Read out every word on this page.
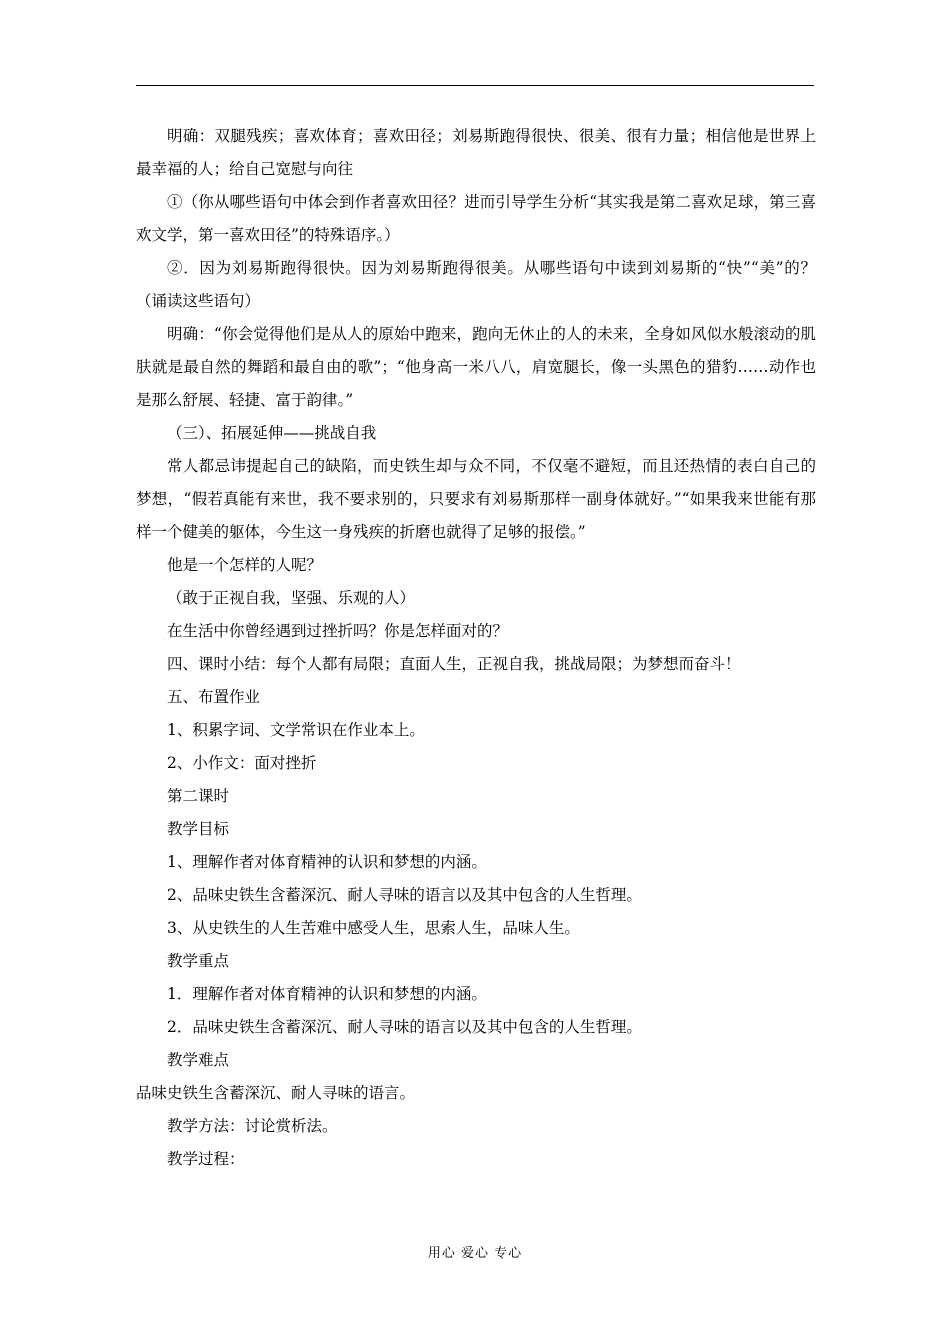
明确：双腿残疾；喜欢体育；喜欢田径；刘易斯跑得很快、很美、很有力量；相信他是世界上最幸福的人；给自己宽慰与向往

①（你从哪些语句中体会到作者喜欢田径？进而引导学生分析“其实我是第二喜欢足球，第三喜欢文学，第一喜欢田径”的特殊语序。）

②．因为刘易斯跑得很快。因为刘易斯跑得很美。从哪些语句中读到刘易斯的“快”“美”的？（诵读这些语句）

明确：“你会觉得他们是从人的原始中跑来，跑向无休止的人的未来，全身如风似水般滚动的肌肤就是最自然的舞蹈和最自由的歌”；“他身高一米八八，肩宽腿长，像一头黑色的猎豹……动作也是那么舒展、轻捷、富于韵律。”

（三）、拓展延伸——挑战自我

常人都忌讳提起自己的缺陷，而史铁生却与众不同，不仅毫不避短，而且还热情的表白自己的梦想，“假若真能有来世，我不要求别的，只要求有刘易斯那样一副身体就好。”“如果我来世能有那样一个健美的躯体，今生这一身残疾的折磨也就得了足够的报偿。”

他是一个怎样的人呢？

（敢于正视自我，坚强、乐观的人）

在生活中你曾经遇到过挫折吗？你是怎样面对的？

四、课时小结：每个人都有局限；直面人生，正视自我，挑战局限；为梦想而奋斗！

五、布置作业

1、积累字词、文学常识在作业本上。

2、小作文：面对挫折

第二课时

教学目标

1、理解作者对体育精神的认识和梦想的内涵。

2、品味史铁生含蓄深沉、耐人寻味的语言以及其中包含的人生哲理。

3、从史铁生的人生苦难中感受人生，思索人生，品味人生。

教学重点

1．理解作者对体育精神的认识和梦想的内涵。

2．品味史铁生含蓄深沉、耐人寻味的语言以及其中包含的人生哲理。

教学难点

品味史铁生含蓄深沉、耐人寻味的语言。

教学方法：讨论赏析法。

教学过程：

用心 爱心 专心
